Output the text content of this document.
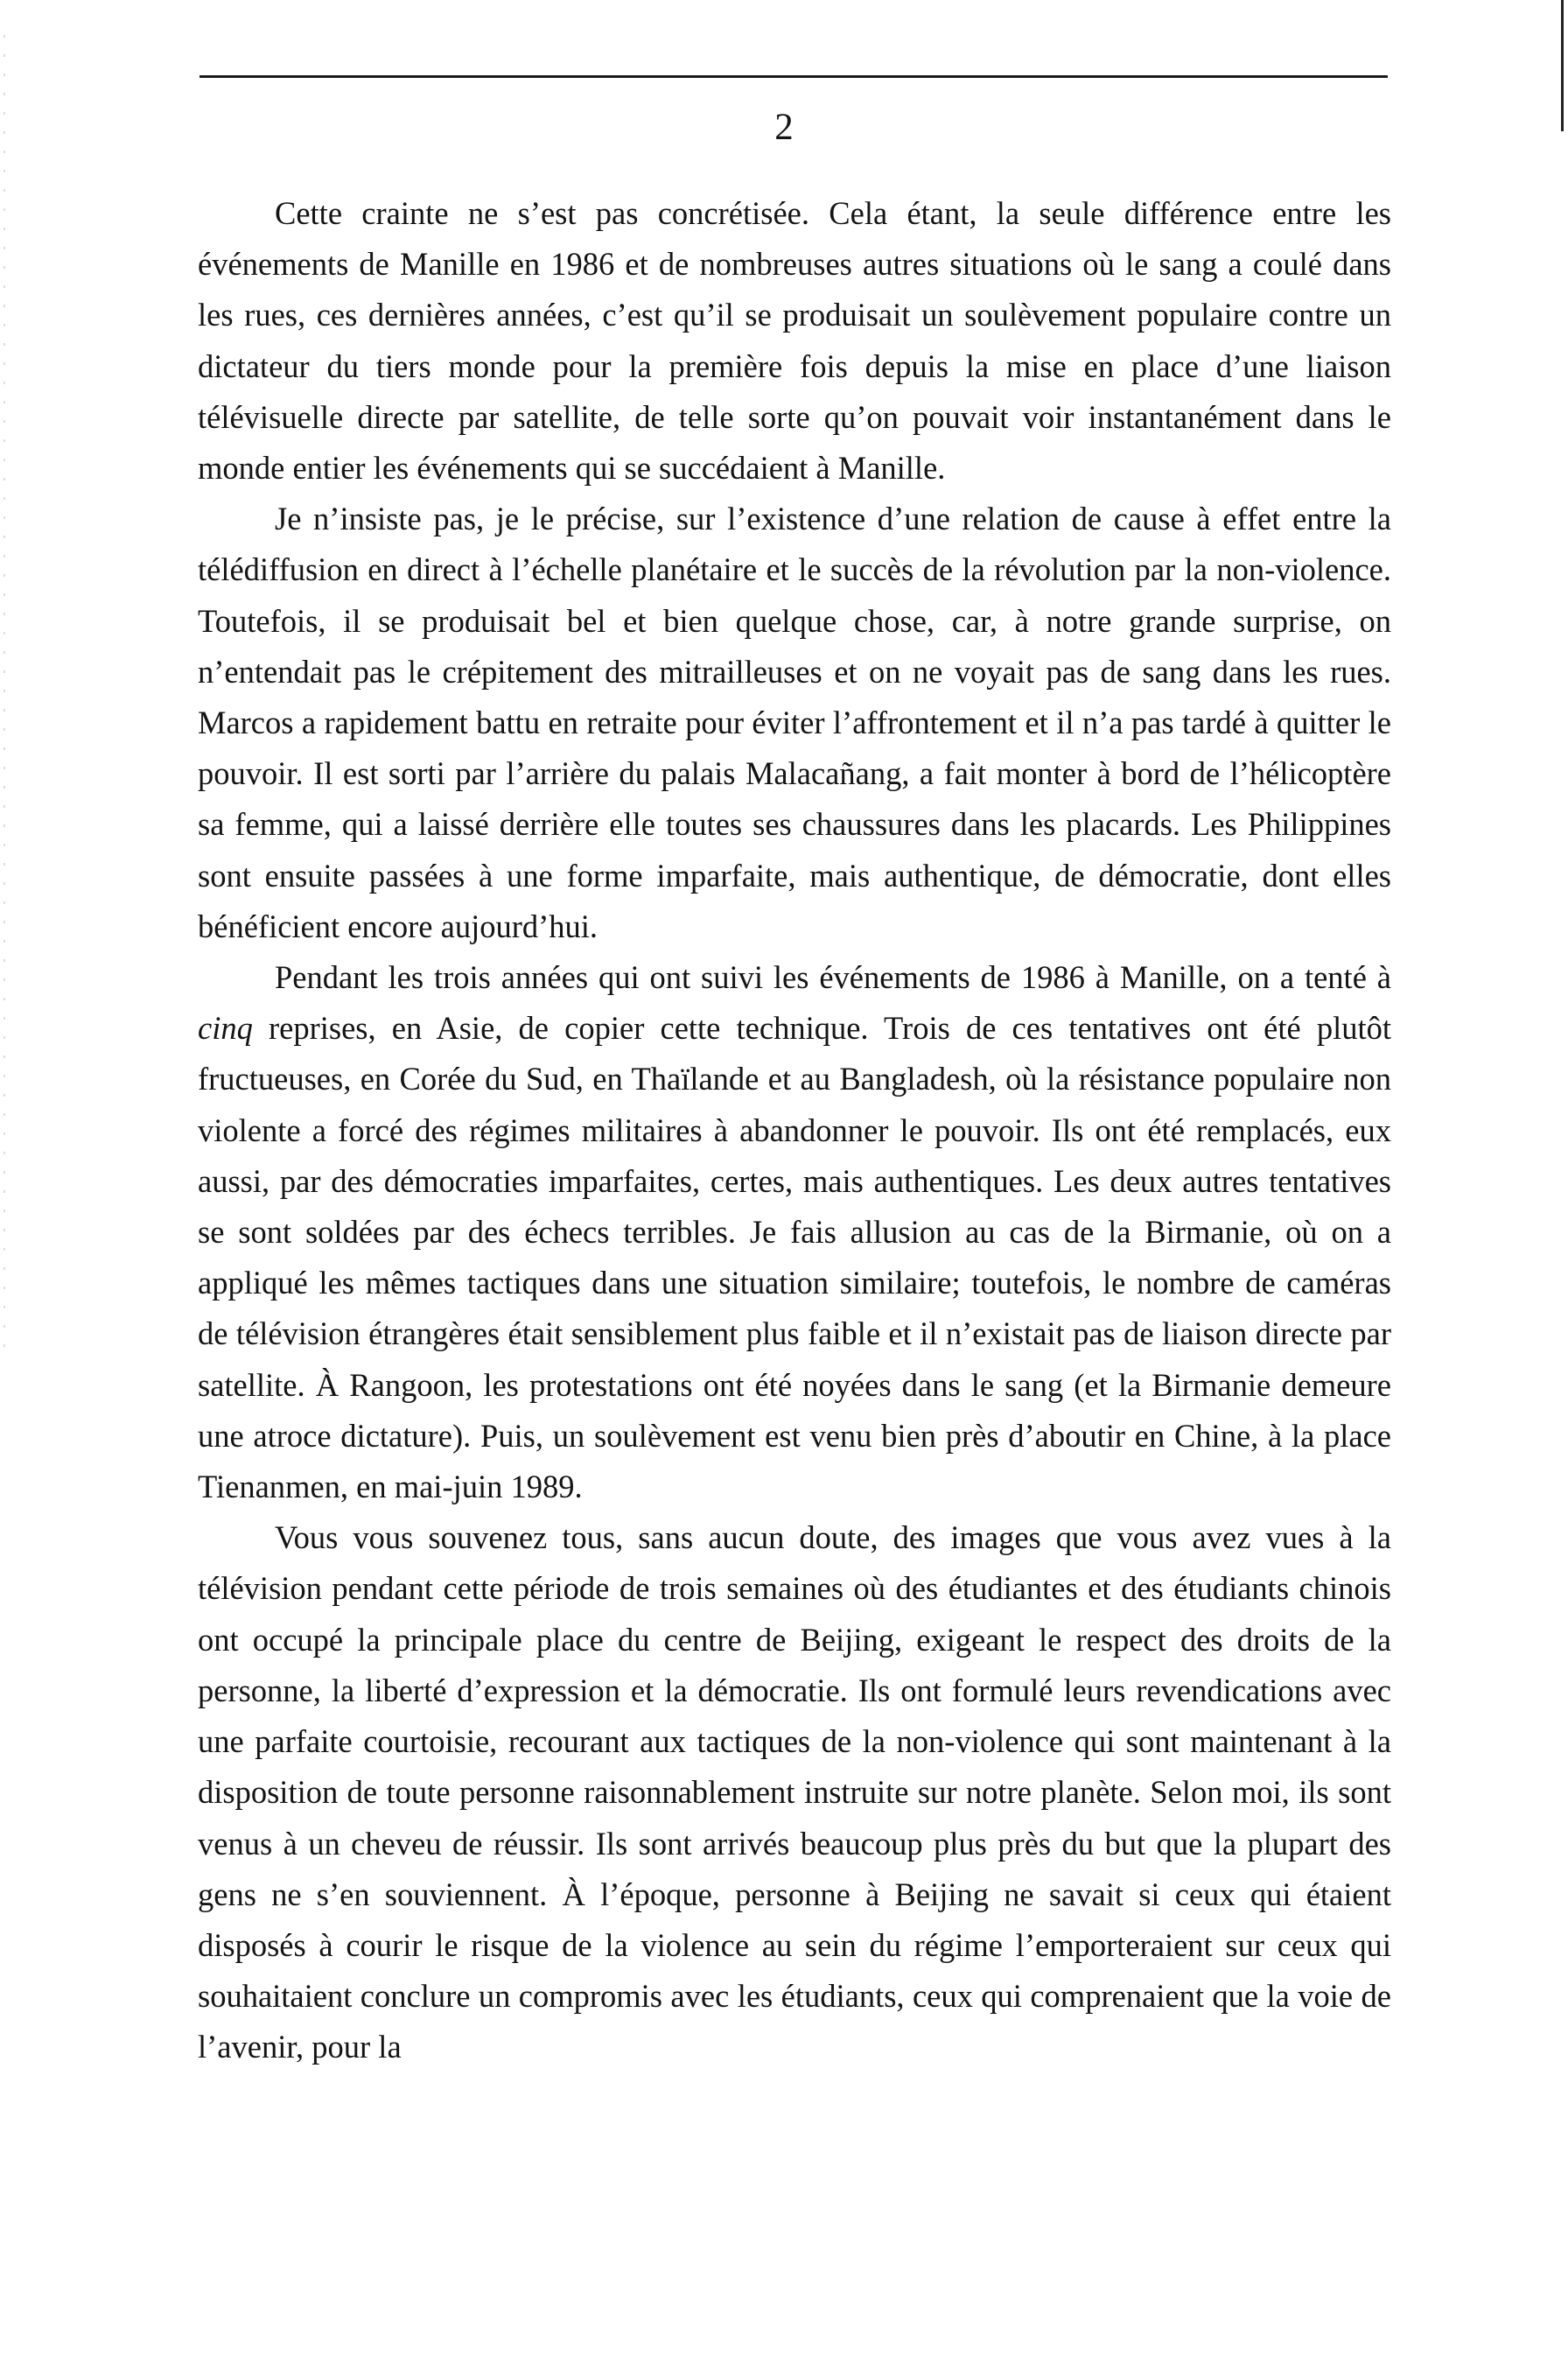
2

Cette crainte ne s’est pas concrétisée. Cela étant, la seule différence entre les événements de Manille en 1986 et de nombreuses autres situations où le sang a coulé dans les rues, ces dernières années, c’est qu’il se produisait un soulèvement populaire contre un dictateur du tiers monde pour la première fois depuis la mise en place d’une liaison télévisuelle directe par satellite, de telle sorte qu’on pouvait voir instantanément dans le monde entier les événements qui se succédaient à Manille.

Je n’insiste pas, je le précise, sur l’existence d’une relation de cause à effet entre la télédiffusion en direct à l’échelle planétaire et le succès de la révolution par la non-violence. Toutefois, il se produisait bel et bien quelque chose, car, à notre grande surprise, on n’entendait pas le crépitement des mitrailleuses et on ne voyait pas de sang dans les rues. Marcos a rapidement battu en retraite pour éviter l’affrontement et il n’a pas tardé à quitter le pouvoir. Il est sorti par l’arrière du palais Malacañang, a fait monter à bord de l’hélicoptère sa femme, qui a laissé derrière elle toutes ses chaussures dans les placards. Les Philippines sont ensuite passées à une forme imparfaite, mais authentique, de démocratie, dont elles bénéficient encore aujourd’hui.

Pendant les trois années qui ont suivi les événements de 1986 à Manille, on a tenté à cinq reprises, en Asie, de copier cette technique. Trois de ces tentatives ont été plutôt fructueuses, en Corée du Sud, en Thaïlande et au Bangladesh, où la résistance populaire non violente a forcé des régimes militaires à abandonner le pouvoir. Ils ont été remplacés, eux aussi, par des démocraties imparfaites, certes, mais authentiques. Les deux autres tentatives se sont soldées par des échecs terribles. Je fais allusion au cas de la Birmanie, où on a appliqué les mêmes tactiques dans une situation similaire; toutefois, le nombre de caméras de télévision étrangères était sensiblement plus faible et il n’existait pas de liaison directe par satellite. À Rangoon, les protestations ont été noyées dans le sang (et la Birmanie demeure une atroce dictature). Puis, un soulèvement est venu bien près d’aboutir en Chine, à la place Tienanmen, en mai-juin 1989.

Vous vous souvenez tous, sans aucun doute, des images que vous avez vues à la télévision pendant cette période de trois semaines où des étudiantes et des étudiants chinois ont occupé la principale place du centre de Beijing, exigeant le respect des droits de la personne, la liberté d’expression et la démocratie. Ils ont formulé leurs revendications avec une parfaite courtoisie, recourant aux tactiques de la non-violence qui sont maintenant à la disposition de toute personne raisonnablement instruite sur notre planète. Selon moi, ils sont venus à un cheveu de réussir. Ils sont arrivés beaucoup plus près du but que la plupart des gens ne s’en souviennent. À l’époque, personne à Beijing ne savait si ceux qui étaient disposés à courir le risque de la violence au sein du régime l’emporteraient sur ceux qui souhaitaient conclure un compromis avec les étudiants, ceux qui comprenaient que la voie de l’avenir, pour la
